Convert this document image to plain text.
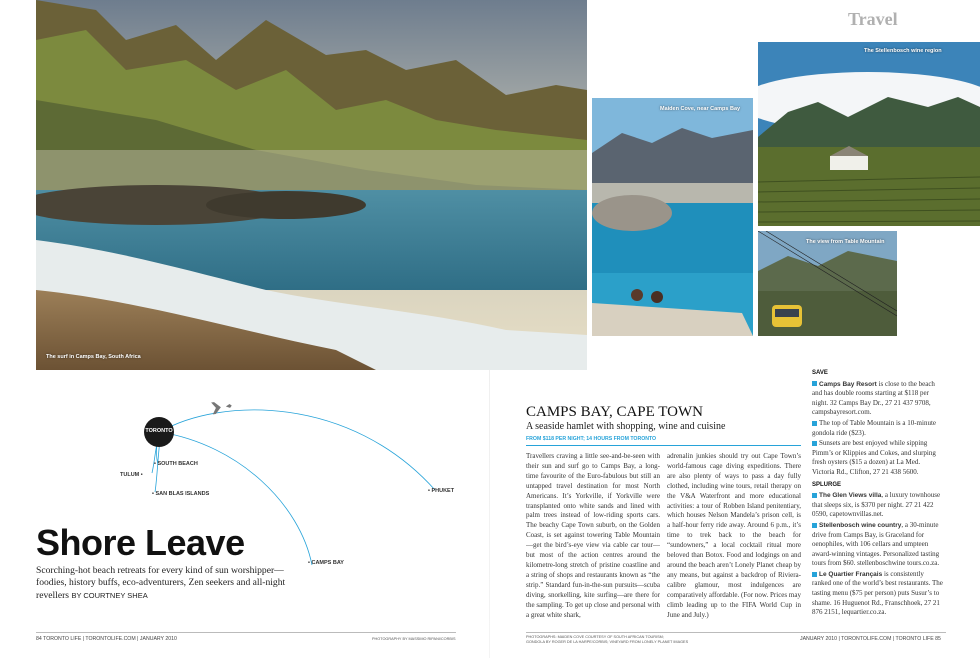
The surf in Camps Bay, South Africa
Maiden Cove, near Camps Bay
The Stellenbosch wine region
The view from Table Mountain
Travel
TORONTO
• SOUTH BEACH
TULUM •
• SAN BLAS ISLANDS	• PHUKET
• CAMPS BAY
Shore Leave
Scorching-hot beach retreats for every kind of sun worshipper—foodies, history buffs, eco-adventurers, Zen seekers and all-night revellers BY COURTNEY SHEA
CAMPS BAY, CAPE TOWN
A seaside hamlet with shopping, wine and cuisine
FROM $118 PER NIGHT; 14 HOURS FROM TORONTO
Travellers craving a little see-and-be-seen with their sun and surf go to Camps Bay, a long-time favourite of the Euro-fabulous but still an untapped travel destination for most North Americans. It’s Yorkville, if Yorkville were transplanted onto white sands and lined with palm trees instead of low-riding sports cars. The beachy Cape Town suburb, on the Golden Coast, is set against towering Table Mountain—get the bird’s-eye view via cable car tour—but most of the action centres around the kilometre-long stretch of pristine coastline and a string of shops and restaurants known as “the strip.” Standard fun-in-the-sun pursuits—scuba diving, snorkelling, kite surfing—are there for the sampling. To get up close and personal with a great white shark,
adrenalin junkies should try out Cape Town’s world-famous cage diving expeditions. There are also plenty of ways to pass a day fully clothed, including wine tours, retail therapy on the V&A Waterfront and more educational activities: a tour of Robben Island penitentiary, which houses Nelson Mandela’s prison cell, is a half-hour ferry ride away. Around 6 p.m., it’s time to trek back to the beach for “sundowners,” a local cocktail ritual more beloved than Botox. Food and lodgings on and around the beach aren’t Lonely Planet cheap by any means, but against a backdrop of Riviera-calibre glamour, most indulgences are comparatively affordable. (For now. Prices may climb leading up to the FIFA World Cup in June and July.)
SAVE

Camps Bay Resort is close to the beach and has double rooms starting at $118 per night. 32 Camps Bay Dr., 27 21 437 9708, campsbayresort.com.

The top of Table Mountain is a 10-minute gondola ride ($23).

Sunsets are best enjoyed while sipping Pimm’s or Klippies and Cokes, and slurping fresh oysters ($15 a dozen) at La Med. Victoria Rd., Clifton, 27 21 438 5600.

SPLURGE

The Glen Views villa, a luxury townhouse that sleeps six, is $370 per night. 27 21 422 0590, capetownvillas.net.

Stellenbosch wine country, a 30-minute drive from Camps Bay, is Graceland for oenophiles, with 106 cellars and umpteen award-winning vintages. Personalized tasting tours from $60. stellenboschwine tours.co.za.

Le Quartier Français is consistently ranked one of the world’s best restaurants. The tasting menu ($75 per person) puts Susur’s to shame. 16 Huguenot Rd., Franschhoek, 27 21 876 2151, lequartier.co.za.

84 TORONTO LIFE | TORONTOLIFE.COM | JANUARY 2010	PHOTOGRAPHY BY MASSIMO RIPANI/CORBIS	PHOTOGRAPHS: MAIDEN COVE COURTESY OF SOUTH AFRICAN TOURISM;
GONDOLA BY ROGER DE LA HARPE/CORBIS; VINEYARD FROM LONELY PLANET IMAGES	JANUARY 2010 | TORONTOLIFE.COM | TORONTO LIFE 85
